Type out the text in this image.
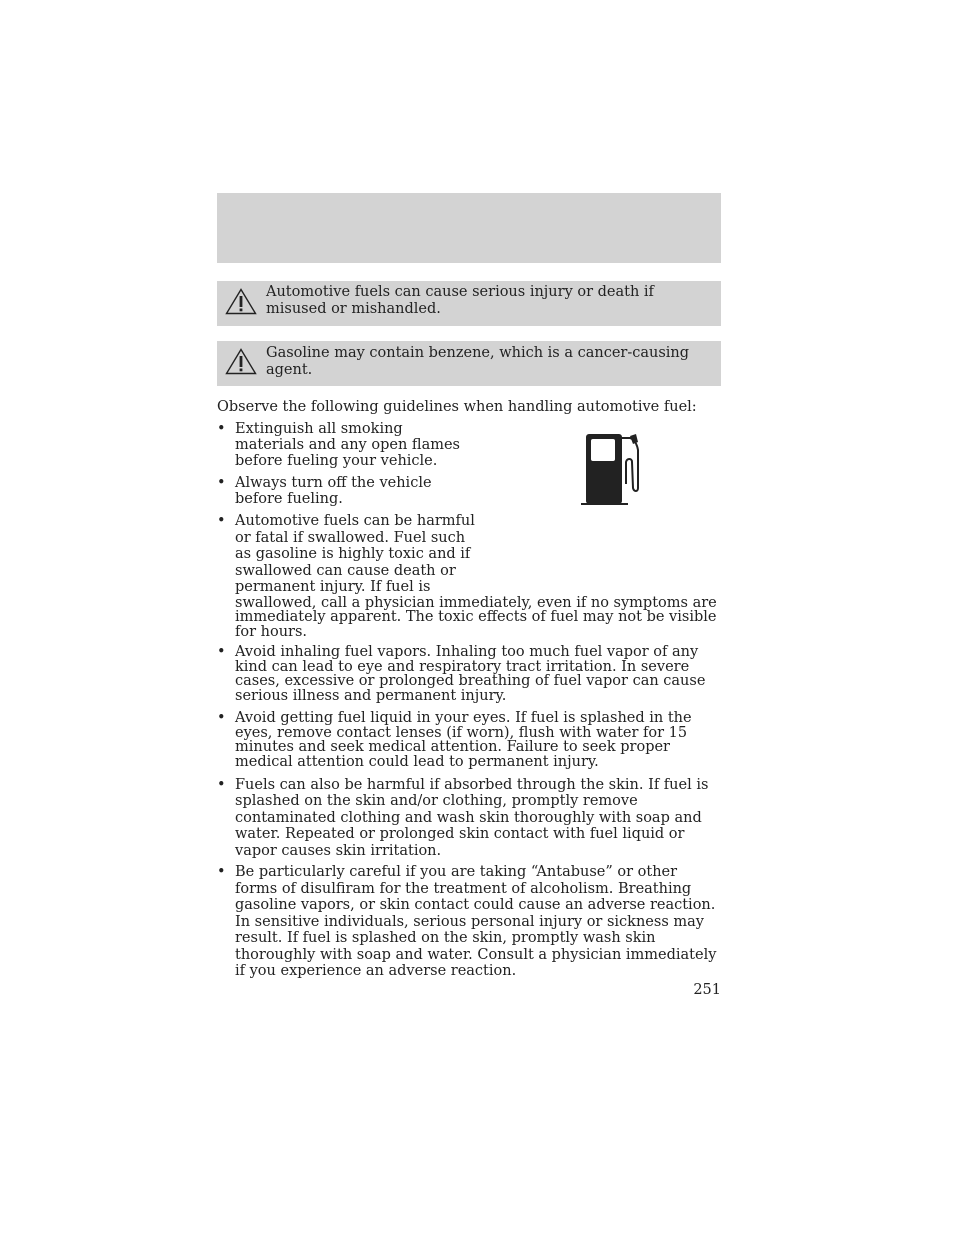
Automotive fuels can cause serious injury or death if misused or mishandled.
Gasoline may contain benzene, which is a cancer-causing agent.
Observe the following guidelines when handling automotive fuel:
• Extinguish all smoking materials and any open flames before fueling your vehicle.
• Always turn off the vehicle before fueling.
• Automotive fuels can be harmful or fatal if swallowed. Fuel such as gasoline is highly toxic and if swallowed can cause death or permanent injury. If fuel is
swallowed, call a physician immediately, even if no symptoms are immediately apparent. The toxic effects of fuel may not be visible for hours.
• Avoid inhaling fuel vapors. Inhaling too much fuel vapor of any kind can lead to eye and respiratory tract irritation. In severe cases, excessive or prolonged breathing of fuel vapor can cause serious illness and permanent injury.
• Avoid getting fuel liquid in your eyes. If fuel is splashed in the eyes, remove contact lenses (if worn), flush with water for 15 minutes and seek medical attention. Failure to seek proper medical attention could lead to permanent injury.
• Fuels can also be harmful if absorbed through the skin. If fuel is splashed on the skin and/or clothing, promptly remove contaminated clothing and wash skin thoroughly with soap and water. Repeated or prolonged skin contact with fuel liquid or vapor causes skin irritation.
• Be particularly careful if you are taking “Antabuse” or other forms of disulfiram for the treatment of alcoholism. Breathing gasoline vapors, or skin contact could cause an adverse reaction. In sensitive individuals, serious personal injury or sickness may result. If fuel is splashed on the skin, promptly wash skin thoroughly with soap and water. Consult a physician immediately if you experience an adverse reaction.
251
